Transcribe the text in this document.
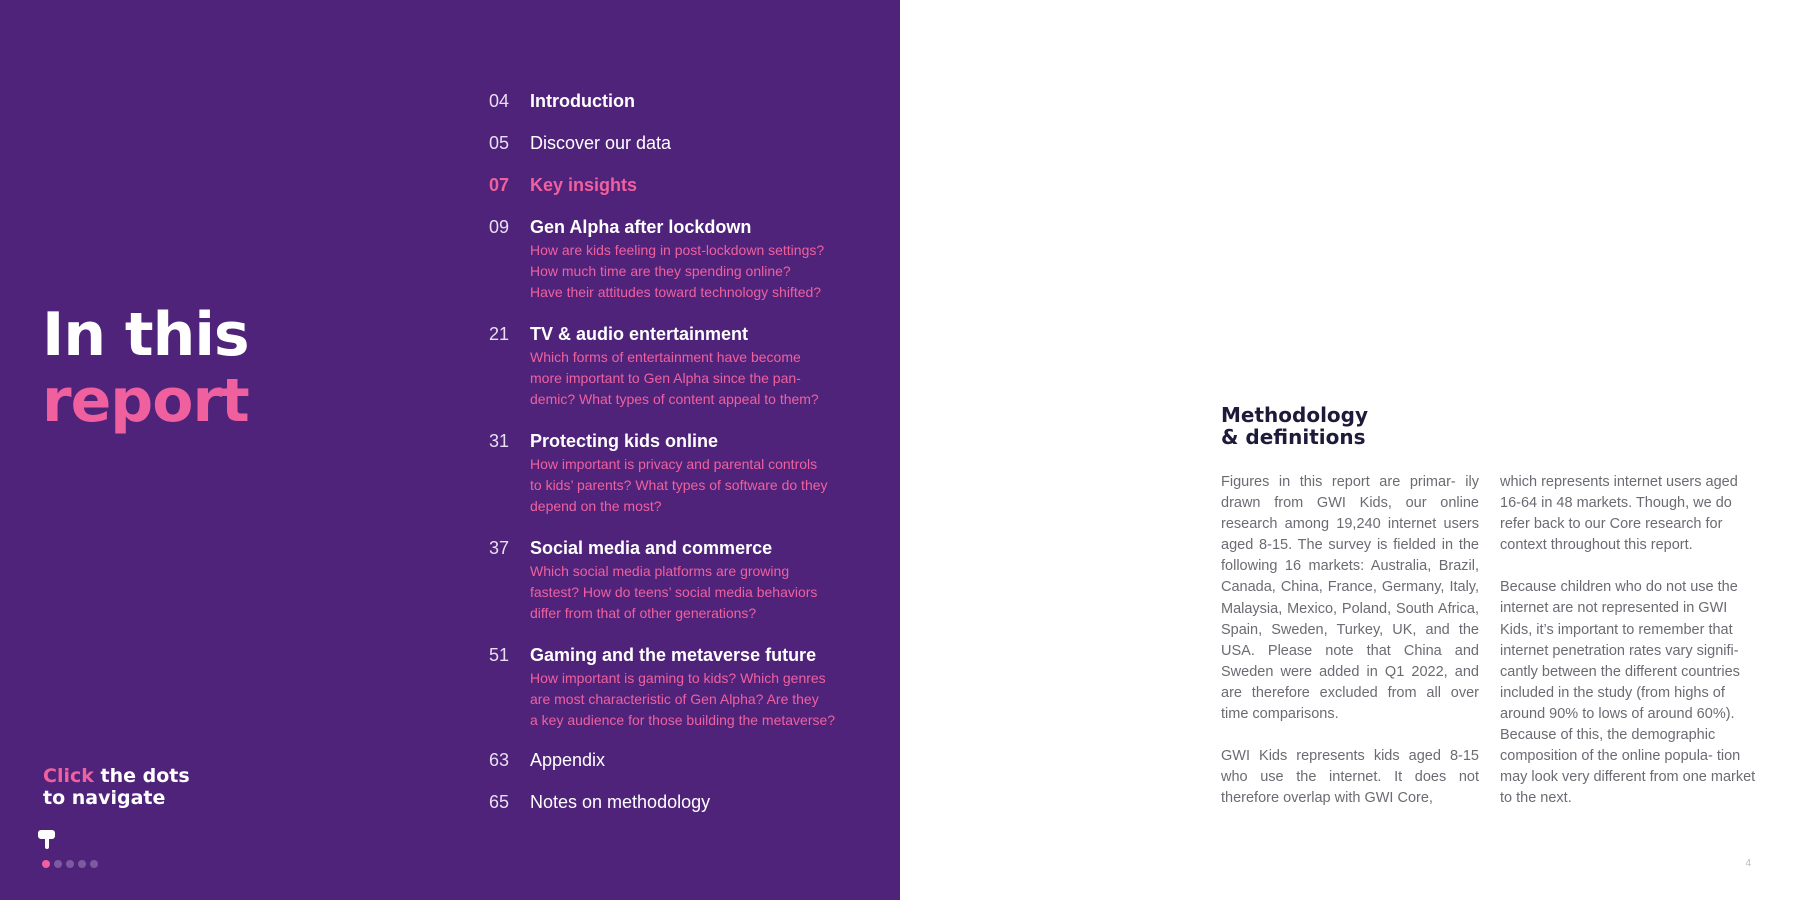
In this
report
04 Introduction
05 Discover our data
07 Key insights
09 Gen Alpha after lockdown
How are kids feeling in post-lockdown settings?
How much time are they spending online?
Have their attitudes toward technology shifted?
21 TV & audio entertainment
Which forms of entertainment have become
more important to Gen Alpha since the pan-
demic? What types of content appeal to them?
31 Protecting kids online
How important is privacy and parental controls
to kids’ parents? What types of software do they
depend on the most?
37 Social media and commerce
Which social media platforms are growing
fastest? How do teens’ social media behaviors
differ from that of other generations?
51 Gaming and the metaverse future
How important is gaming to kids? Which genres
are most characteristic of Gen Alpha? Are they
a key audience for those building the metaverse?
63 Appendix
65 Notes on methodology
Click the dots
to navigate
Methodology
& definitions

Figures in this report are primar- ily drawn from GWI Kids, our online research among 19,240 internet users aged 8-15. The survey is fielded in the following 16 markets: Australia, Brazil, Canada, China, France, Germany, Italy, Malaysia, Mexico, Poland, South Africa, Spain, Sweden, Turkey, UK, and the USA. Please note that China and Sweden were added in Q1 2022, and are therefore excluded from all over time comparisons.

GWI Kids represents kids aged 8-15 who use the internet. It does not therefore overlap with GWI Core,

which represents internet users aged 16-64 in 48 markets. Though, we do refer back to our Core research for context throughout this report.

Because children who do not use the internet are not represented in GWI Kids, it’s important to remember that internet penetration rates vary signifi- cantly between the different countries included in the study (from highs of around 90% to lows of around 60%). Because of this, the demographic composition of the online popula- tion may look very different from one market to the next.

4
